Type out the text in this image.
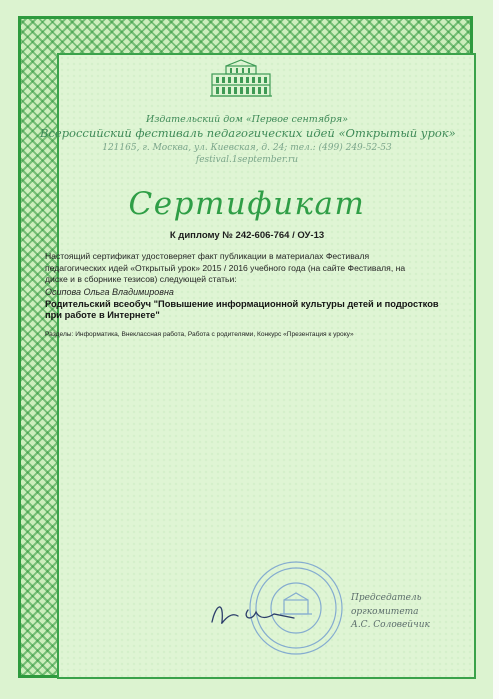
Издательский дом «Первое сентября»
Всероссийский фестиваль педагогических идей «Открытый урок»
121165, г. Москва, ул. Киевская, д. 24; тел.: (499) 249-52-53
festival.1september.ru
Сертификат
К диплому № 242-606-764 / ОУ-13
Настоящий сертификат удостоверяет факт публикации в материалах Фестиваля педагогических идей «Открытый урок» 2015 / 2016 учебного года (на сайте Фестиваля, на диске и в сборнике тезисов) следующей статьи:
Осипова Ольга Владимировна
Родительский всеобуч "Повышение информационной культуры детей и подростков при работе в Интернете"
Разделы: Информатика, Внеклассная работа, Работа с родителями, Конкурс «Презентация к уроку»
Председатель
оргкомитета
А.С. Соловейчик
